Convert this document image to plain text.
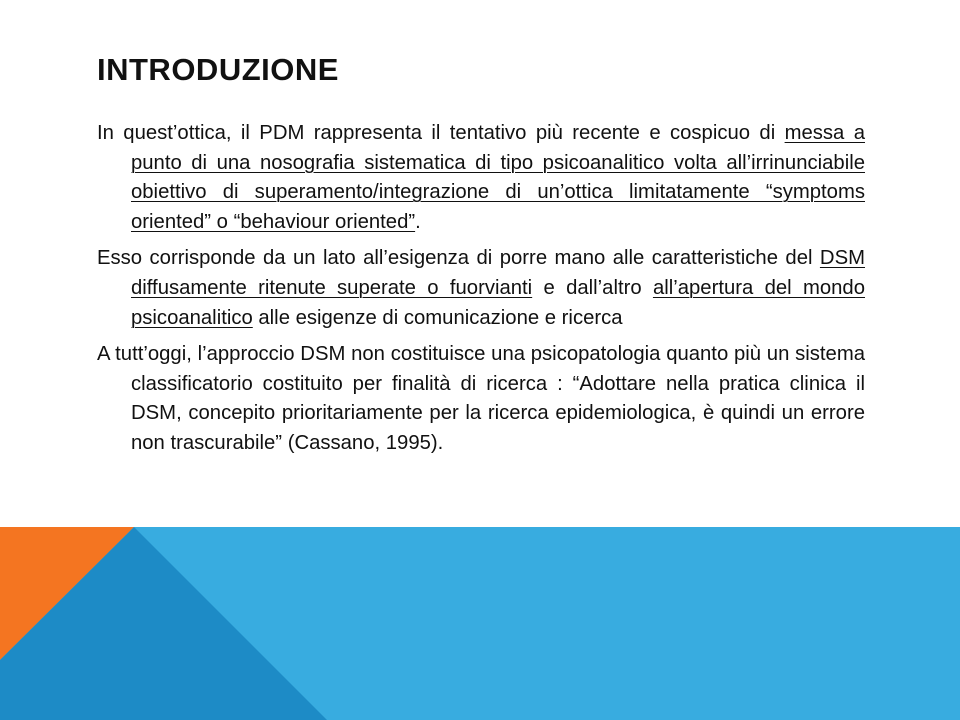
INTRODUZIONE

In quest’ottica, il PDM rappresenta il tentativo più recente e cospicuo di messa a punto di una nosografia sistematica di tipo psicoanalitico volta all’irrinunciabile obiettivo di superamento/integrazione di un’ottica limitatamente “symptoms oriented” o “behaviour oriented”.

Esso corrisponde da un lato all’esigenza di porre mano alle caratteristiche del DSM diffusamente ritenute superate o fuorvianti e dall’altro all’apertura del mondo psicoanalitico alle esigenze di comunicazione e ricerca

A tutt’oggi, l’approccio DSM non costituisce una psicopatologia quanto più un sistema classificatorio costituito per finalità di ricerca : “Adottare nella pratica clinica il DSM, concepito prioritariamente per la ricerca epidemiologica, è quindi un errore non trascurabile” (Cassano, 1995).
